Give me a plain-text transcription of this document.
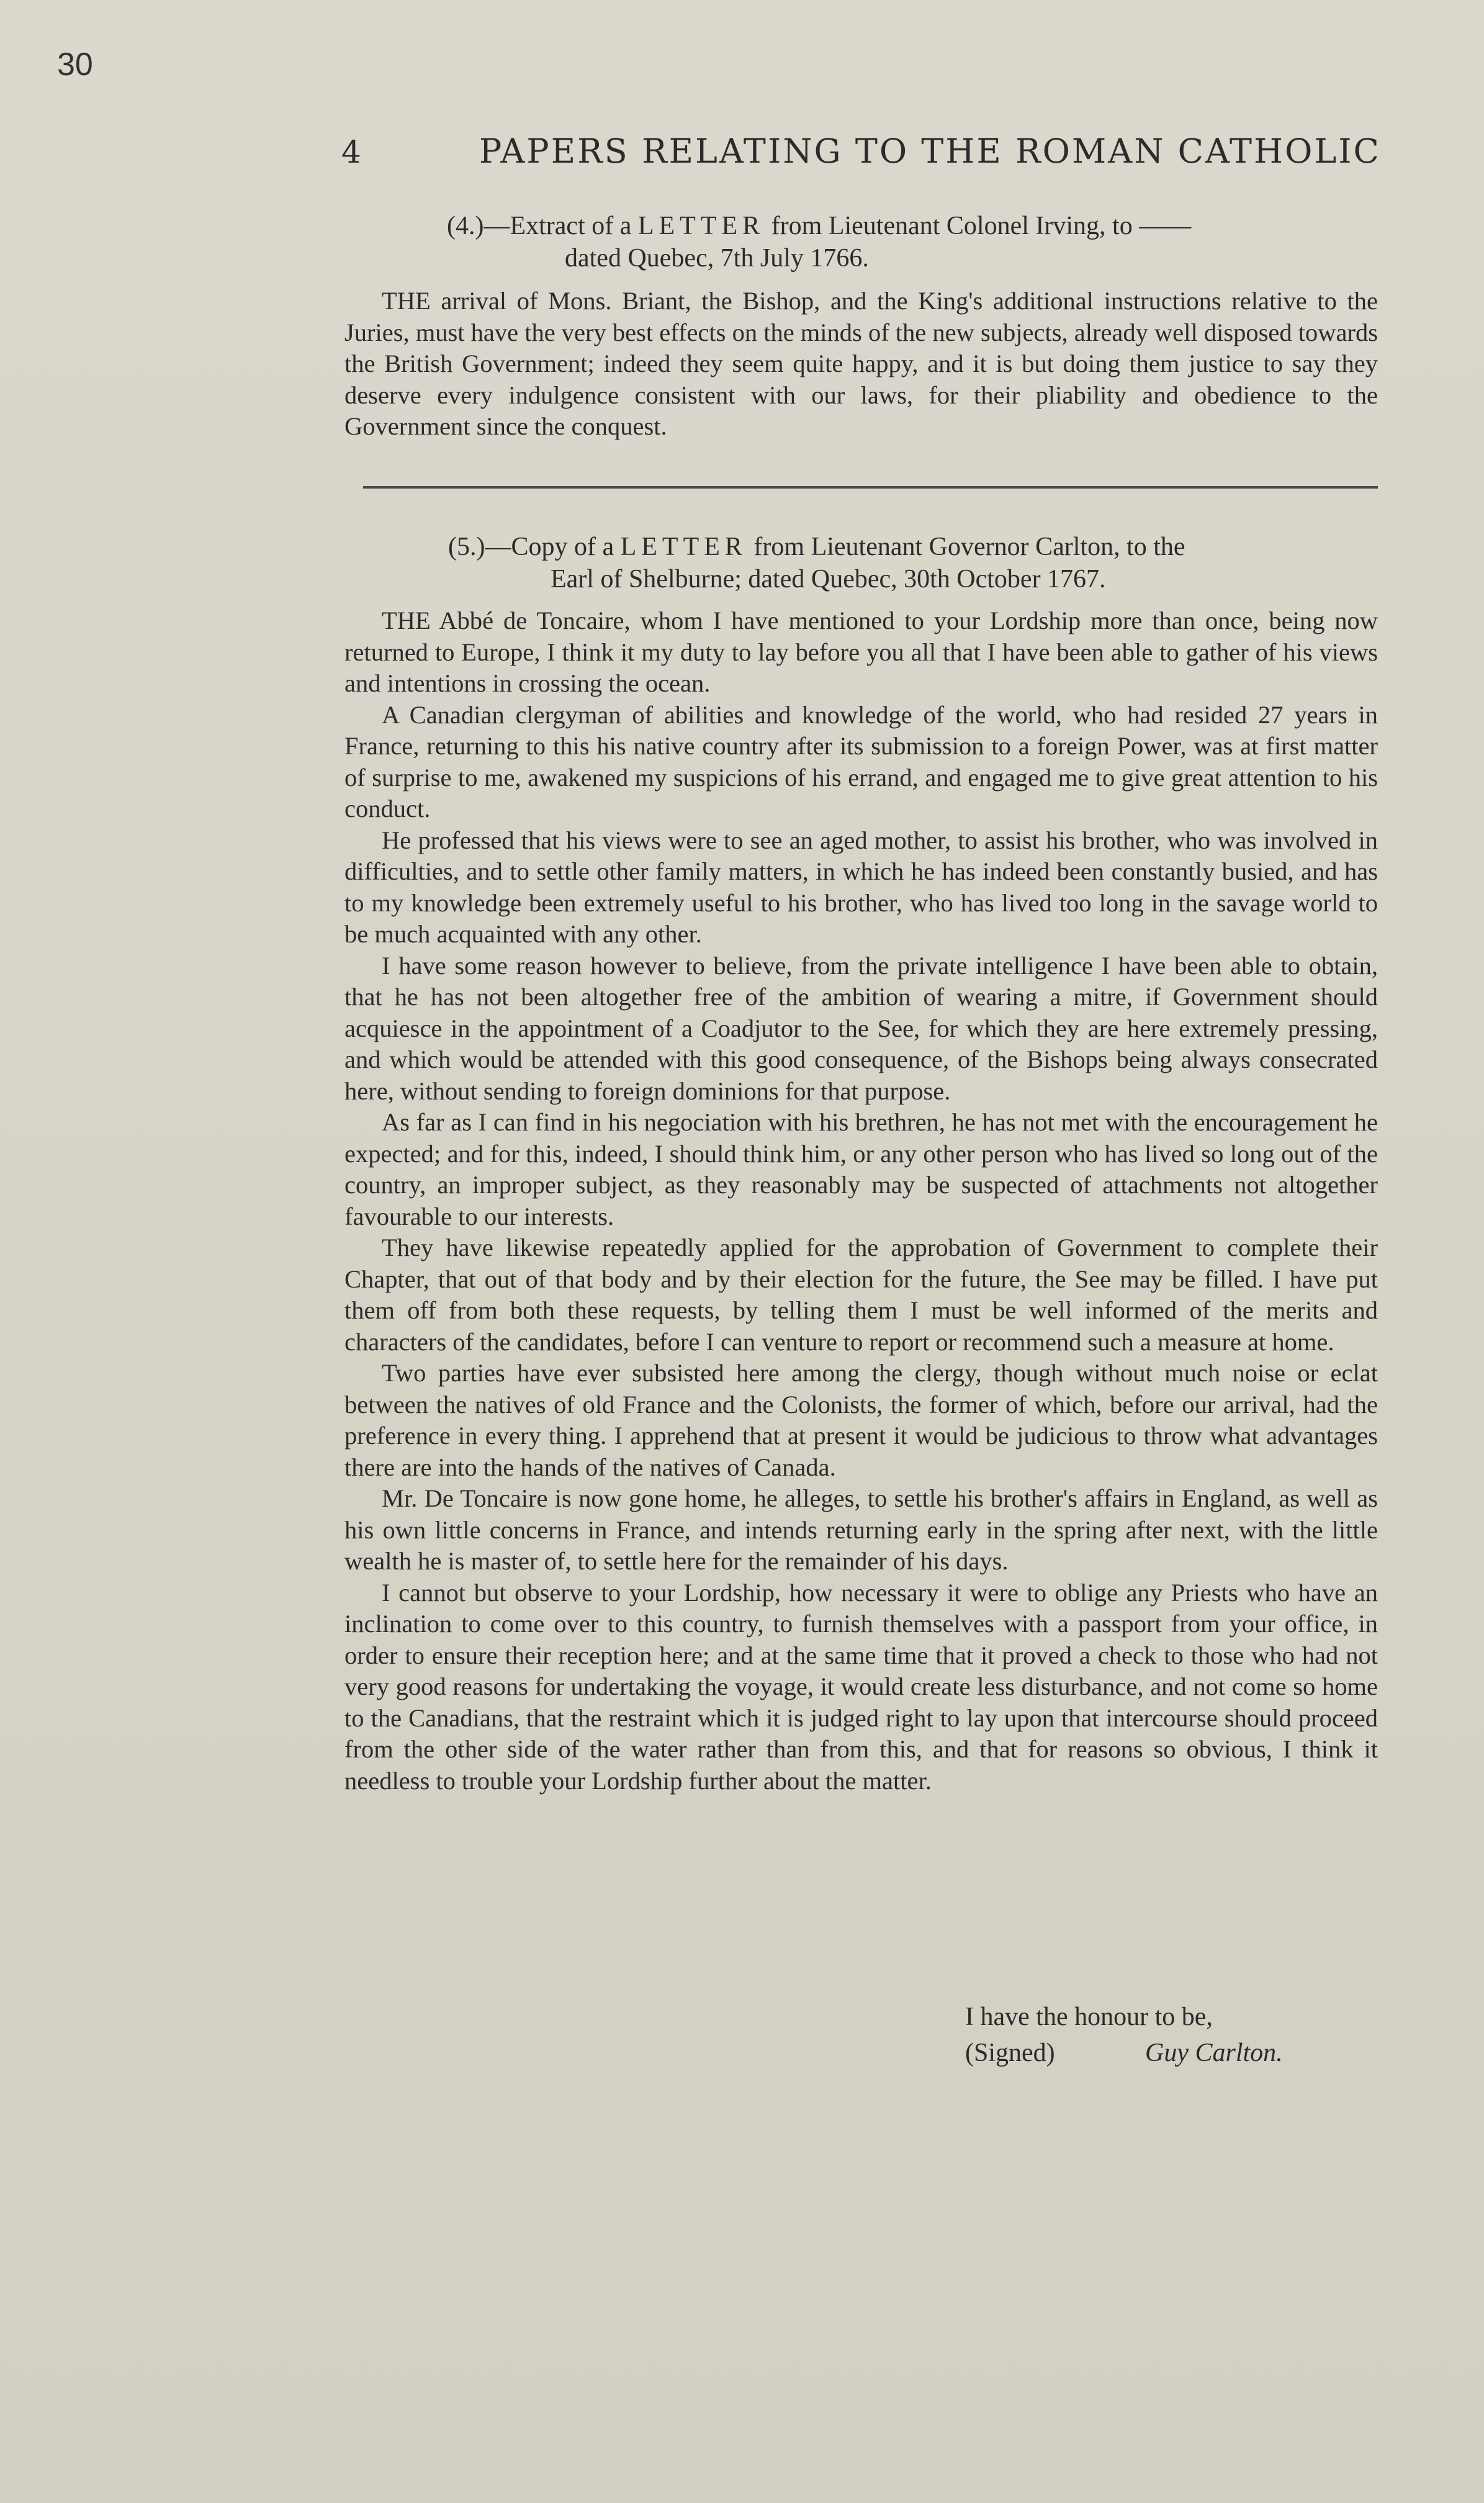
30
4	PAPERS RELATING TO THE ROMAN CATHOLIC
(4.)—Extract of a LETTER from Lieutenant Colonel Irving, to ——
dated Quebec, 7th July 1766.

THE arrival of Mons. Briant, the Bishop, and the King's additional instructions relative to the Juries, must have the very best effects on the minds of the new subjects, already well disposed towards the British Government; indeed they seem quite happy, and it is but doing them justice to say they deserve every indulgence consistent with our laws, for their pliability and obedience to the Government since the conquest.

(5.)—Copy of a LETTER from Lieutenant Governor Carlton, to the
Earl of Shelburne; dated Quebec, 30th October 1767.

THE Abbé de Toncaire, whom I have mentioned to your Lordship more than once, being now returned to Europe, I think it my duty to lay before you all that I have been able to gather of his views and intentions in crossing the ocean.

A Canadian clergyman of abilities and knowledge of the world, who had resided 27 years in France, returning to this his native country after its submission to a foreign Power, was at first matter of surprise to me, awakened my suspicions of his errand, and engaged me to give great attention to his conduct.

He professed that his views were to see an aged mother, to assist his brother, who was involved in difficulties, and to settle other family matters, in which he has indeed been constantly busied, and has to my knowledge been extremely useful to his brother, who has lived too long in the savage world to be much acquainted with any other.

I have some reason however to believe, from the private intelligence I have been able to obtain, that he has not been altogether free of the ambition of wearing a mitre, if Government should acquiesce in the appointment of a Coadjutor to the See, for which they are here extremely pressing, and which would be attended with this good consequence, of the Bishops being always consecrated here, without sending to foreign dominions for that purpose.

As far as I can find in his negociation with his brethren, he has not met with the encouragement he expected; and for this, indeed, I should think him, or any other person who has lived so long out of the country, an improper subject, as they reasonably may be suspected of attachments not altogether favourable to our interests.

They have likewise repeatedly applied for the approbation of Government to complete their Chapter, that out of that body and by their election for the future, the See may be filled. I have put them off from both these requests, by telling them I must be well informed of the merits and characters of the candidates, before I can venture to report or recommend such a measure at home.

Two parties have ever subsisted here among the clergy, though without much noise or eclat between the natives of old France and the Colonists, the former of which, before our arrival, had the preference in every thing. I apprehend that at present it would be judicious to throw what advantages there are into the hands of the natives of Canada.

Mr. De Toncaire is now gone home, he alleges, to settle his brother's affairs in England, as well as his own little concerns in France, and intends returning early in the spring after next, with the little wealth he is master of, to settle here for the remainder of his days.

I cannot but observe to your Lordship, how necessary it were to oblige any Priests who have an inclination to come over to this country, to furnish themselves with a passport from your office, in order to ensure their reception here; and at the same time that it proved a check to those who had not very good reasons for undertaking the voyage, it would create less disturbance, and not come so home to the Canadians, that the restraint which it is judged right to lay upon that intercourse should proceed from the other side of the water rather than from this, and that for reasons so obvious, I think it needless to trouble your Lordship further about the matter.

I have the honour to be,
(Signed)	Guy Carlton.
